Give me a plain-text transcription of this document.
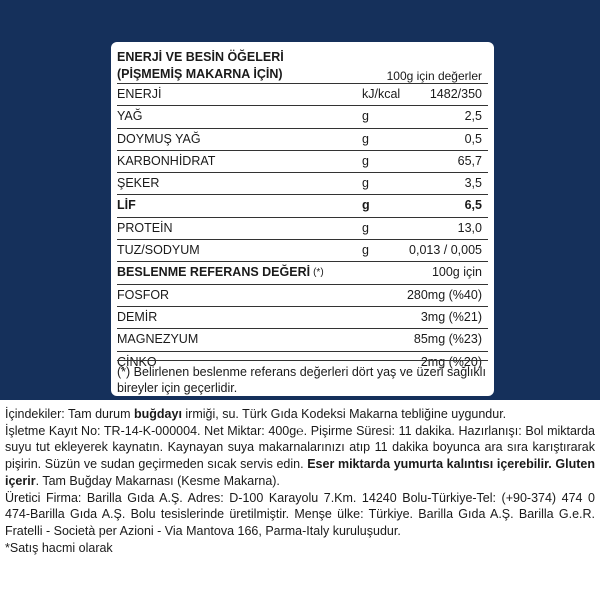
ENERJİ VE BESİN ÖĞELERİ
(PİŞMEMİŞ MAKARNA İÇİN)	100g için değerler
ENERJİ	kJ/kcal 1482/350
YAĞ	g	2,5
DOYMUŞ YAĞ	g	0,5
KARBONHİDRAT	g	65,7
ŞEKER	g	3,5
LİF	g	6,5
PROTEİN	g	13,0
TUZ/SODYUM	g	0,013 / 0,005
BESLENME REFERANS DEĞERİ (*)	100g için
FOSFOR	280mg (%40)
DEMİR	3mg (%21)
MAGNEZYUM	85mg (%23)
ÇİNKO	2mg (%20)
(*) Belirlenen beslenme referans değerleri dört yaş ve üzeri sağlıklı bireyler için geçerlidir.

İçindekiler: Tam durum buğdayı irmiği, su. Türk Gıda Kodeksi Makarna tebliğine uygundur.

İşletme Kayıt No: TR-14-K-000004. Net Miktar: 400g℮. Pişirme Süresi: 11 dakika. Hazırlanışı: Bol miktarda suyu tut ekleyerek kaynatın. Kaynayan suya makarnalarınızı atıp 11 dakika boyunca ara sıra karıştırarak pişirin. Süzün ve sudan geçirmeden sıcak servis edin. Eser miktarda yumurta kalıntısı içerebilir. Gluten içerir. Tam Buğday Makarnası (Kesme Makarna).

Üretici Firma: Barilla Gıda A.Ş. Adres: D-100 Karayolu 7.Km. 14240 Bolu-Türkiye-Tel: (+90-374) 474 0 474-Barilla Gıda A.Ş. Bolu tesislerinde üretilmiştir. Menşe ülke: Türkiye. Barilla Gıda A.Ş. Barilla G.e.R. Fratelli - Società per Azioni - Via Mantova 166, Parma-Italy kuruluşudur.

*Satış hacmi olarak
